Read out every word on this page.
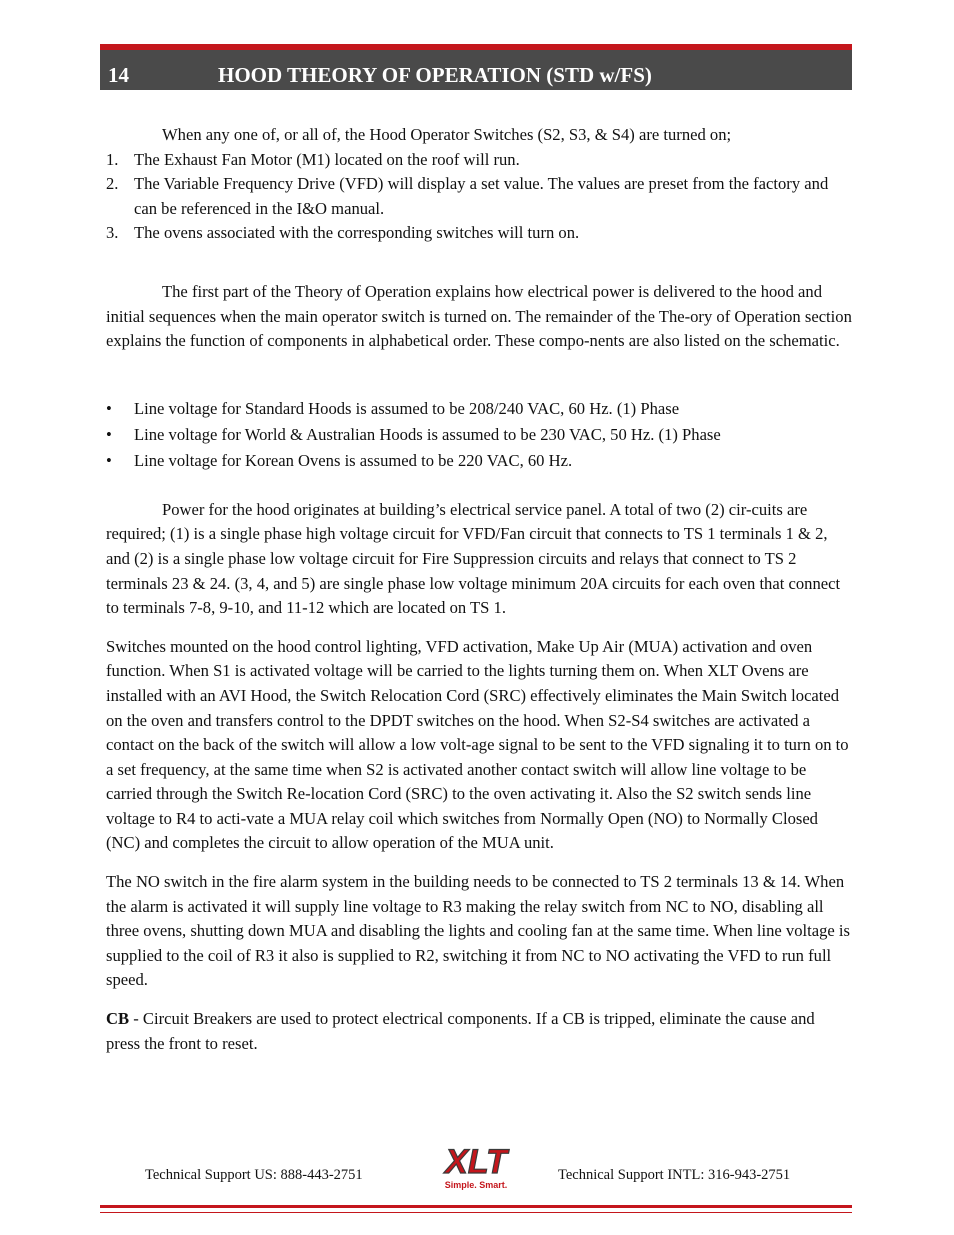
14	HOOD THEORY OF OPERATION (STD w/FS)

When any one of, or all of, the Hood Operator Switches (S2, S3, & S4) are turned on;

1. The Exhaust Fan Motor (M1) located on the roof will run.
2. The Variable Frequency Drive (VFD) will display a set value. The values are preset from the factory and can be referenced in the I&O manual.
3. The ovens associated with the corresponding switches will turn on.

The first part of the Theory of Operation explains how electrical power is delivered to the hood and initial sequences when the main operator switch is turned on. The remainder of the The-ory of Operation section explains the function of components in alphabetical order. These compo-nents are also listed on the schematic.

• Line voltage for Standard Hoods is assumed to be 208/240 VAC, 60 Hz. (1) Phase
• Line voltage for World & Australian Hoods is assumed to be 230 VAC, 50 Hz. (1) Phase
• Line voltage for Korean Ovens is assumed to be 220 VAC, 60 Hz.

Power for the hood originates at building’s electrical service panel. A total of two (2) cir-cuits are required; (1) is a single phase high voltage circuit for VFD/Fan circuit that connects to TS 1 terminals 1 & 2, and (2) is a single phase low voltage circuit for Fire Suppression circuits and relays that connect to TS 2 terminals 23 & 24. (3, 4, and 5) are single phase low voltage minimum 20A circuits for each oven that connect to terminals 7-8, 9-10, and 11-12 which are located on TS 1.

Switches mounted on the hood control lighting, VFD activation, Make Up Air (MUA) activation and oven function. When S1 is activated voltage will be carried to the lights turning them on. When XLT Ovens are installed with an AVI Hood, the Switch Relocation Cord (SRC) effectively eliminates the Main Switch located on the oven and transfers control to the DPDT switches on the hood. When S2-S4 switches are activated a contact on the back of the switch will allow a low volt-age signal to be sent to the VFD signaling it to turn on to a set frequency, at the same time when S2 is activated another contact switch will allow line voltage to be carried through the Switch Re-location Cord (SRC) to the oven activating it. Also the S2 switch sends line voltage to R4 to acti-vate a MUA relay coil which switches from Normally Open (NO) to Normally Closed (NC) and completes the circuit to allow operation of the MUA unit.

The NO switch in the fire alarm system in the building needs to be connected to TS 2 terminals 13 & 14. When the alarm is activated it will supply line voltage to R3 making the relay switch from NC to NO, disabling all three ovens, shutting down MUA and disabling the lights and cooling fan at the same time. When line voltage is supplied to the coil of R3 it also is supplied to R2, switching it from NC to NO activating the VFD to run full speed.

CB - Circuit Breakers are used to protect electrical components. If a CB is tripped, eliminate the cause and press the front to reset.

Technical Support US: 888-443-2751 XLT
Simple. Smart.
Technical Support INTL: 316-943-2751
